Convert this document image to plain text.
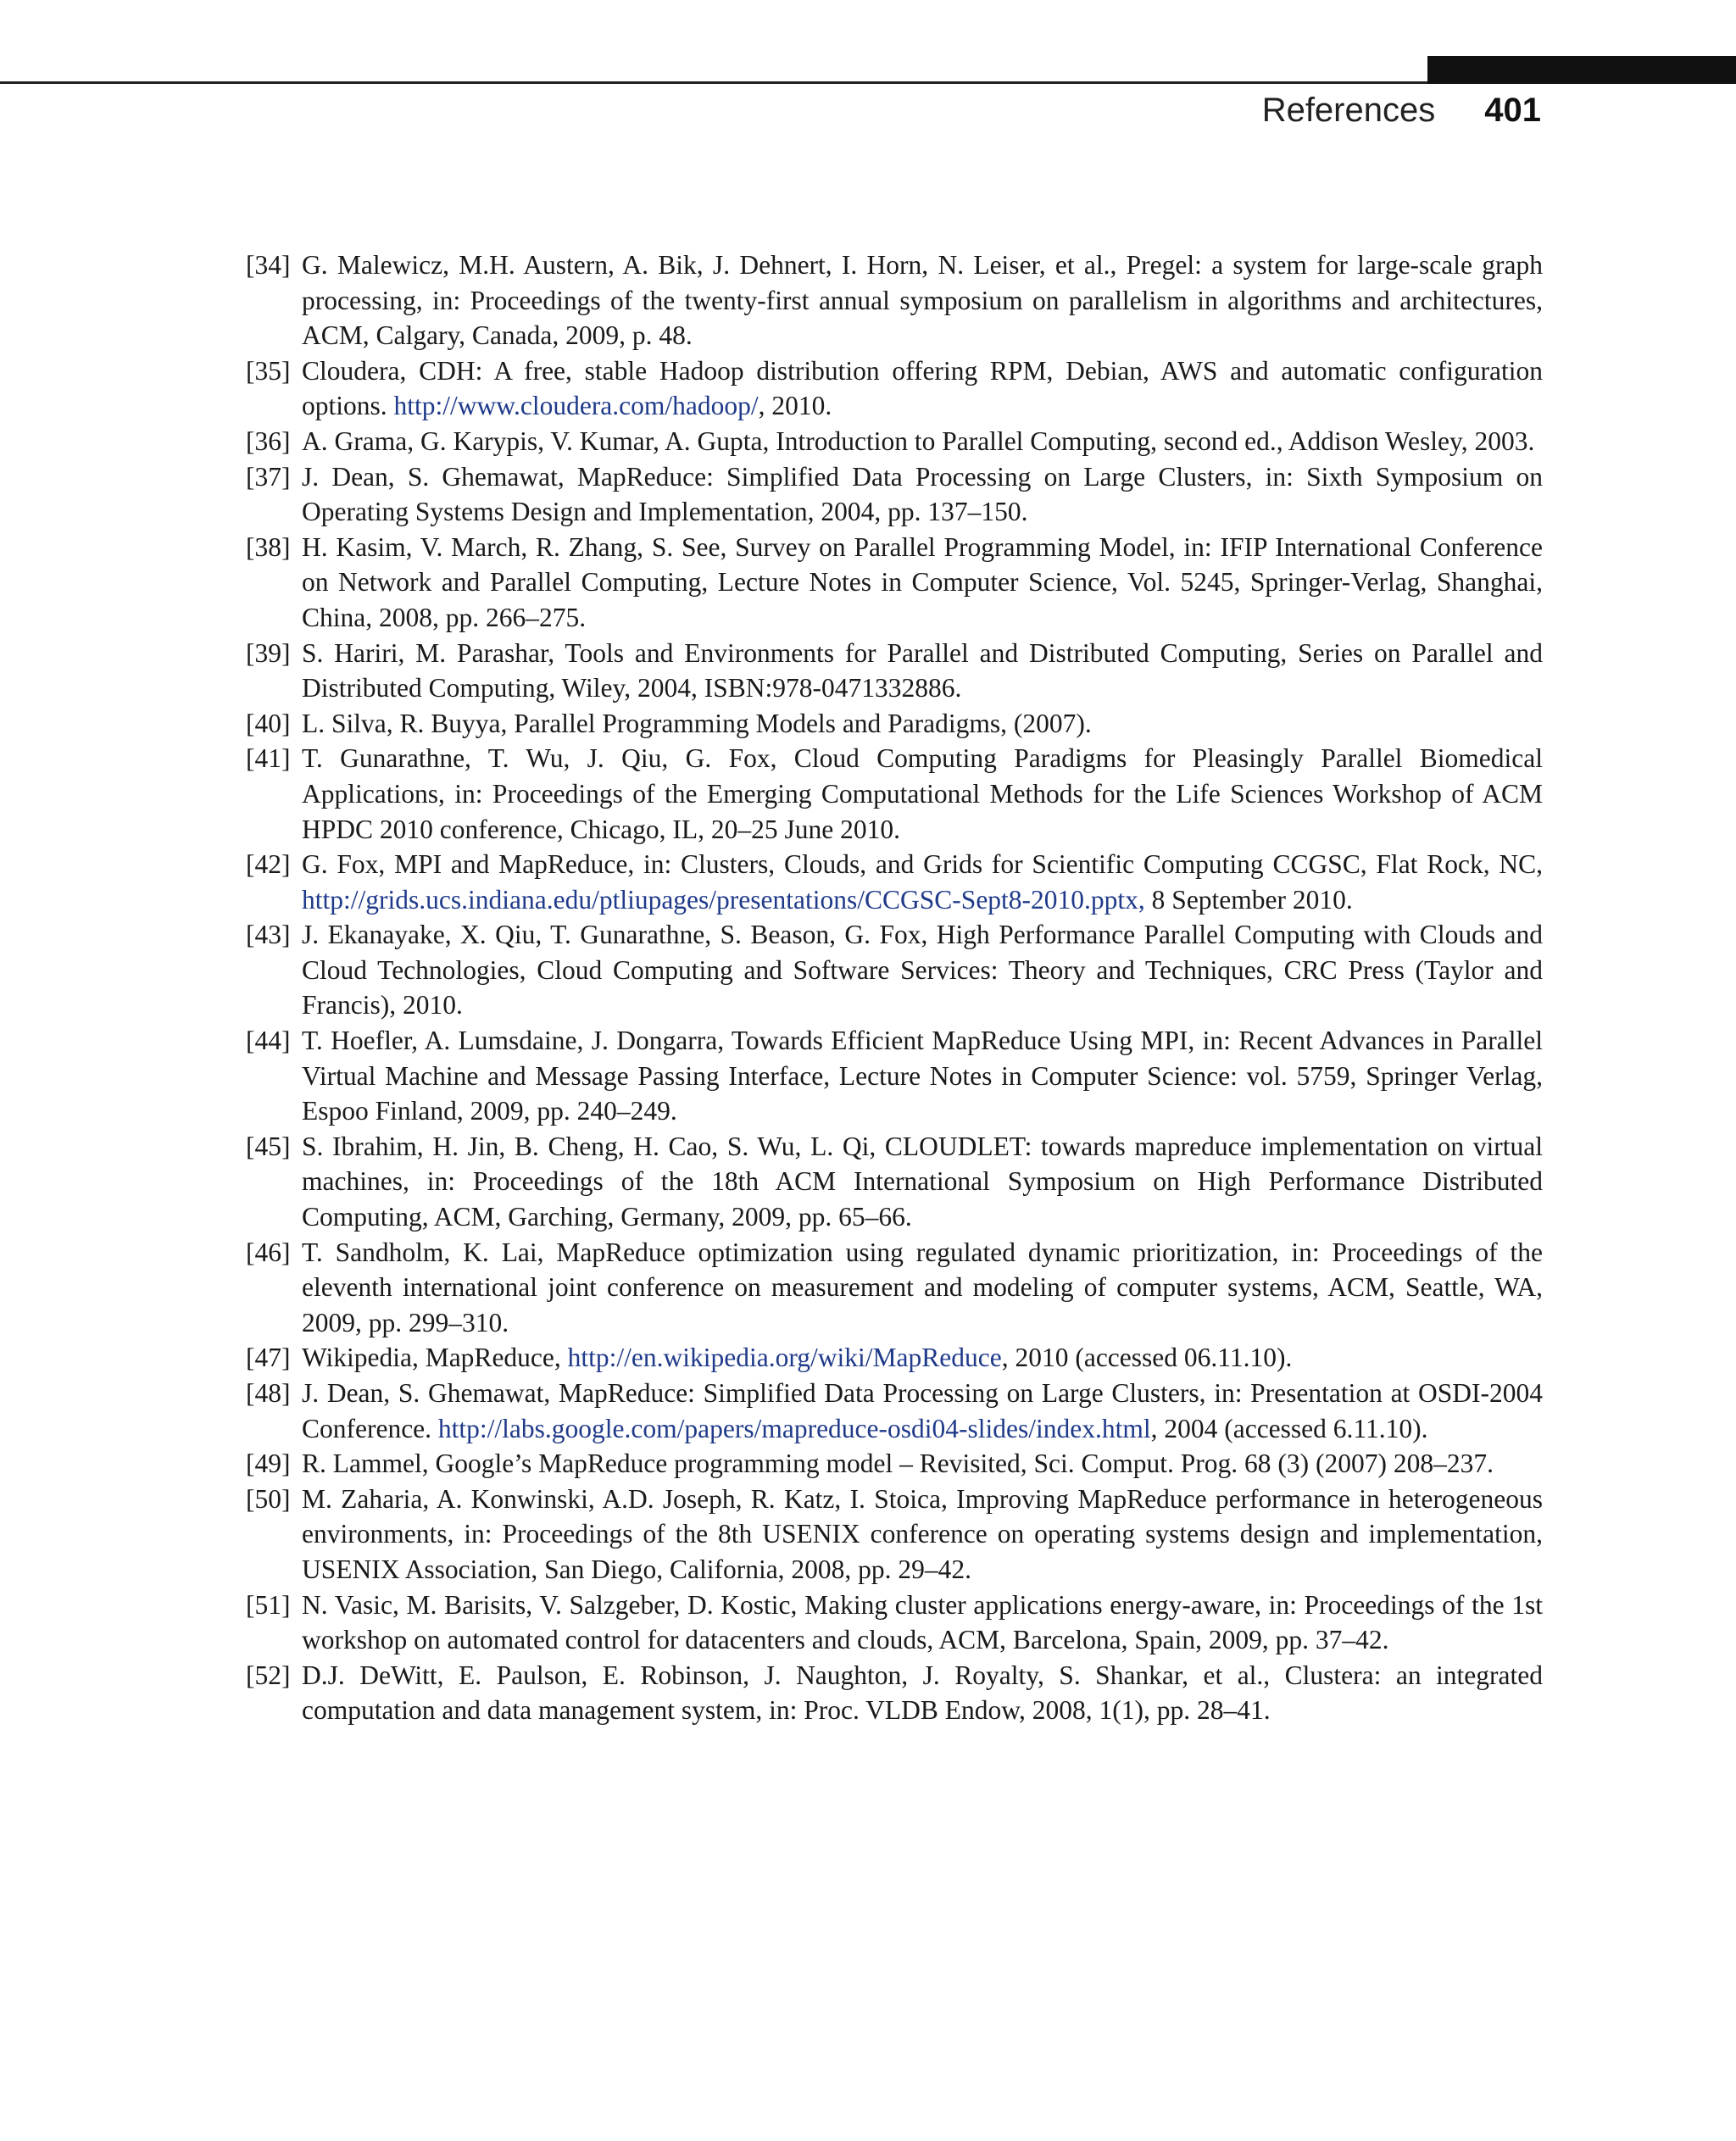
References 401
[34] G. Malewicz, M.H. Austern, A. Bik, J. Dehnert, I. Horn, N. Leiser, et al., Pregel: a system for large-scale graph processing, in: Proceedings of the twenty-first annual symposium on parallelism in algorithms and architectures, ACM, Calgary, Canada, 2009, p. 48.
[35] Cloudera, CDH: A free, stable Hadoop distribution offering RPM, Debian, AWS and automatic configuration options. http://www.cloudera.com/hadoop/, 2010.
[36] A. Grama, G. Karypis, V. Kumar, A. Gupta, Introduction to Parallel Computing, second ed., Addison Wesley, 2003.
[37] J. Dean, S. Ghemawat, MapReduce: Simplified Data Processing on Large Clusters, in: Sixth Symposium on Operating Systems Design and Implementation, 2004, pp. 137–150.
[38] H. Kasim, V. March, R. Zhang, S. See, Survey on Parallel Programming Model, in: IFIP International Conference on Network and Parallel Computing, Lecture Notes in Computer Science, Vol. 5245, Springer-Verlag, Shanghai, China, 2008, pp. 266–275.
[39] S. Hariri, M. Parashar, Tools and Environments for Parallel and Distributed Computing, Series on Parallel and Distributed Computing, Wiley, 2004, ISBN:978-0471332886.
[40] L. Silva, R. Buyya, Parallel Programming Models and Paradigms, (2007).
[41] T. Gunarathne, T. Wu, J. Qiu, G. Fox, Cloud Computing Paradigms for Pleasingly Parallel Biomedical Applications, in: Proceedings of the Emerging Computational Methods for the Life Sciences Workshop of ACM HPDC 2010 conference, Chicago, IL, 20–25 June 2010.
[42] G. Fox, MPI and MapReduce, in: Clusters, Clouds, and Grids for Scientific Computing CCGSC, Flat Rock, NC, http://grids.ucs.indiana.edu/ptliupages/presentations/CCGSC-Sept8-2010.pptx, 8 September 2010.
[43] J. Ekanayake, X. Qiu, T. Gunarathne, S. Beason, G. Fox, High Performance Parallel Computing with Clouds and Cloud Technologies, Cloud Computing and Software Services: Theory and Techniques, CRC Press (Taylor and Francis), 2010.
[44] T. Hoefler, A. Lumsdaine, J. Dongarra, Towards Efficient MapReduce Using MPI, in: Recent Advances in Parallel Virtual Machine and Message Passing Interface, Lecture Notes in Computer Science: vol. 5759, Springer Verlag, Espoo Finland, 2009, pp. 240–249.
[45] S. Ibrahim, H. Jin, B. Cheng, H. Cao, S. Wu, L. Qi, CLOUDLET: towards mapreduce implementation on virtual machines, in: Proceedings of the 18th ACM International Symposium on High Performance Distributed Computing, ACM, Garching, Germany, 2009, pp. 65–66.
[46] T. Sandholm, K. Lai, MapReduce optimization using regulated dynamic prioritization, in: Proceedings of the eleventh international joint conference on measurement and modeling of computer systems, ACM, Seattle, WA, 2009, pp. 299–310.
[47] Wikipedia, MapReduce, http://en.wikipedia.org/wiki/MapReduce, 2010 (accessed 06.11.10).
[48] J. Dean, S. Ghemawat, MapReduce: Simplified Data Processing on Large Clusters, in: Presentation at OSDI-2004 Conference. http://labs.google.com/papers/mapreduce-osdi04-slides/index.html, 2004 (accessed 6.11.10).
[49] R. Lammel, Google’s MapReduce programming model – Revisited, Sci. Comput. Prog. 68 (3) (2007) 208–237.
[50] M. Zaharia, A. Konwinski, A.D. Joseph, R. Katz, I. Stoica, Improving MapReduce performance in heterogeneous environments, in: Proceedings of the 8th USENIX conference on operating systems design and implementation, USENIX Association, San Diego, California, 2008, pp. 29–42.
[51] N. Vasic, M. Barisits, V. Salzgeber, D. Kostic, Making cluster applications energy-aware, in: Proceedings of the 1st workshop on automated control for datacenters and clouds, ACM, Barcelona, Spain, 2009, pp. 37–42.
[52] D.J. DeWitt, E. Paulson, E. Robinson, J. Naughton, J. Royalty, S. Shankar, et al., Clustera: an integrated computation and data management system, in: Proc. VLDB Endow, 2008, 1(1), pp. 28–41.
